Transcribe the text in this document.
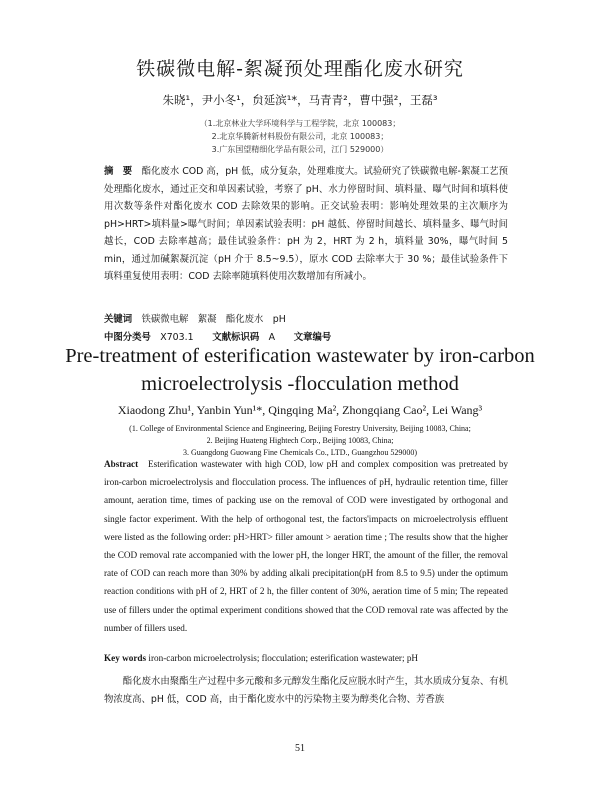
铁碳微电解-絮凝预处理酯化废水研究
朱晓¹，尹小冬¹，贠延滨¹*，马青青²，曹中强²，王磊³
（1.北京林业大学环境科学与工程学院，北京 100083；
2.北京华腾新材料股份有限公司，北京 100083；
3.广东国望精细化学品有限公司，江门 529000）
摘　要　 酯化废水 COD 高，pH 低，成分复杂，处理难度大。试验研究了铁碳微电解-絮凝工艺预处理酯化废水，通过正交和单因素试验，考察了 pH、水力停留时间、填料量、曝气时间和填料使用次数等条件对酯化废水 COD 去除效果的影响。正交试验表明：影响处理效果的主次顺序为 pH>HRT>填料量>曝气时间；单因素试验表明：pH 越低、停留时间越长、填料量多、曝气时间越长，COD 去除率越高；最佳试验条件：pH 为 2，HRT 为 2 h，填料量 30%，曝气时间 5 min，通过加碱絮凝沉淀（pH 介于 8.5~9.5），原水 COD 去除率大于 30 %；最佳试验条件下填料重复使用表明：COD 去除率随填料使用次数增加有所减小。
关键词　 铁碳微电解　絮凝　酯化废水　pH
中图分类号　 X703.1　　 文献标识码　 A　　 文章编号
Pre-treatment of esterification wastewater by iron-carbon
microelectrolysis -flocculation method
Xiaodong Zhu¹, Yanbin Yun¹*, Qingqing Ma², Zhongqiang Cao², Lei Wang³
(1. College of Environmental Science and Engineering, Beijing Forestry University, Beijing 10083, China;
2. Beijing Huateng Hightech Corp., Beijing 10083, China;
3. Guangdong Guowang Fine Chemicals Co., LTD., Guangzhou 529000)
Abstract Esterification wastewater with high COD, low pH and complex composition was pretreated by iron-carbon microelectrolysis and flocculation process. The influences of pH, hydraulic retention time, filler amount, aeration time, times of packing use on the removal of COD were investigated by orthogonal and single factor experiment. With the help of orthogonal test, the factors'impacts on microelectrolysis effluent were listed as the following order: pH>HRT> filler amount > aeration time ; The results show that the higher the COD removal rate accompanied with the lower pH, the longer HRT, the amount of the filler, the removal rate of COD can reach more than 30% by adding alkali precipitation(pH from 8.5 to 9.5) under the optimum reaction conditions with pH of 2, HRT of 2 h, the filler content of 30%, aeration time of 5 min; The repeated use of fillers under the optimal experiment conditions showed that the COD removal rate was affected by the number of fillers used.
Key words iron-carbon microelectrolysis; flocculation; esterification wastewater; pH
酯化废水由聚酯生产过程中多元酸和多元醇发生酯化反应脱水时产生，其水质成分复杂、有机物浓度高、pH 低，COD 高，由于酯化废水中的污染物主要为醇类化合物、芳香族
51
